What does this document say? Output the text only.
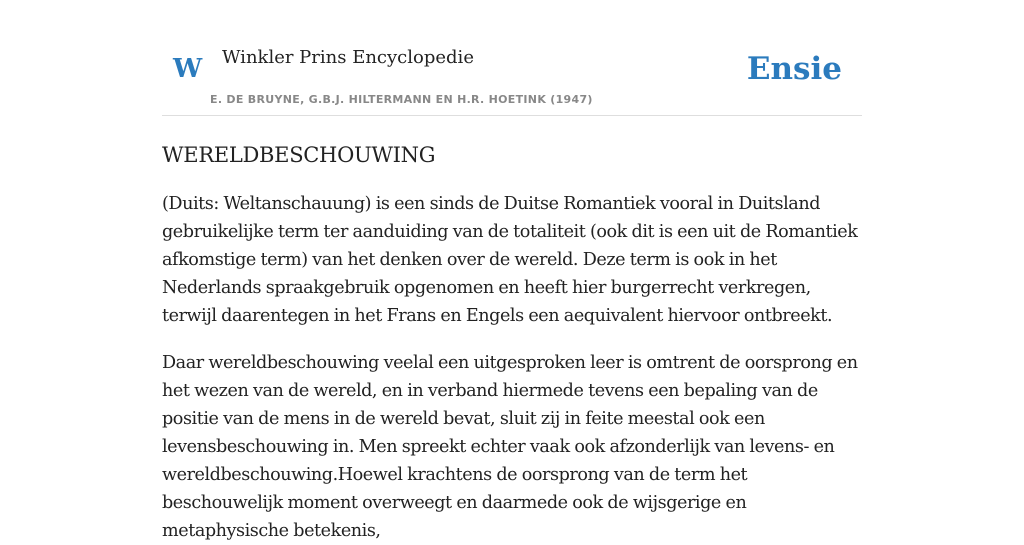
W Winkler Prins Encyclopedie
E. DE BRUYNE, G.B.J. HILTERMANN EN H.R. HOETINK (1947)
Ensie
WERELDBESCHOUWING

(Duits: Weltanschauung) is een sinds de Duitse Romantiek vooral in Duitsland gebruikelijke term ter aanduiding van de totaliteit (ook dit is een uit de Romantiek afkomstige term) van het denken over de wereld. Deze term is ook in het Nederlands spraakgebruik opgenomen en heeft hier burgerrecht verkregen, terwijl daarentegen in het Frans en Engels een aequivalent hiervoor ontbreekt.

Daar wereldbeschouwing veelal een uitgesproken leer is omtrent de oorsprong en het wezen van de wereld, en in verband hiermede tevens een bepaling van de positie van de mens in de wereld bevat, sluit zij in feite meestal ook een levensbeschouwing in. Men spreekt echter vaak ook afzonderlijk van levens- en wereldbeschouwing.Hoewel krachtens de oorsprong van de term het beschouwelijk moment overweegt en daarmede ook de wijsgerige en metaphysische betekenis,
